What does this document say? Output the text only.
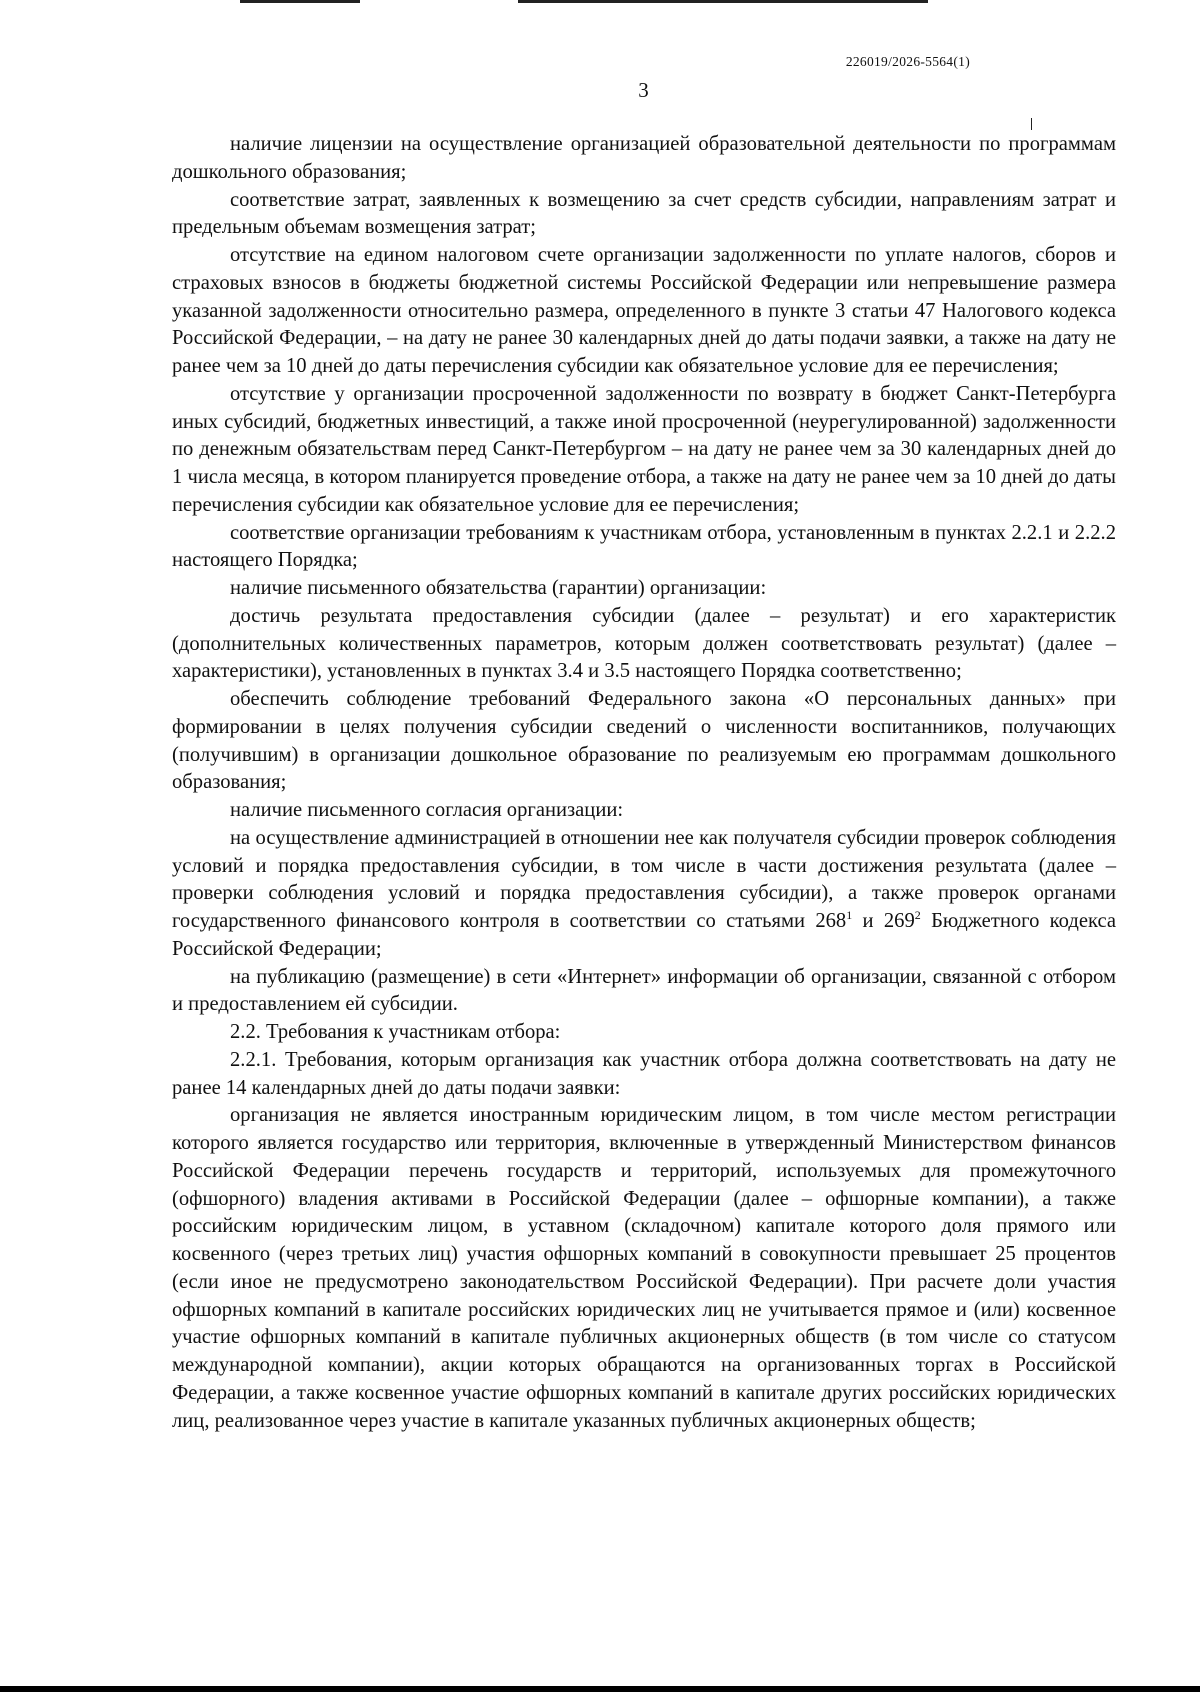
226019/2026-5564(1)
3

наличие лицензии на осуществление организацией образовательной деятельности по программам дошкольного образования;

соответствие затрат, заявленных к возмещению за счет средств субсидии, направлениям затрат и предельным объемам возмещения затрат;

отсутствие на едином налоговом счете организации задолженности по уплате налогов, сборов и страховых взносов в бюджеты бюджетной системы Российской Федерации или непревышение размера указанной задолженности относительно размера, определенного в пункте 3 статьи 47 Налогового кодекса Российской Федерации, – на дату не ранее 30 календарных дней до даты подачи заявки, а также на дату не ранее чем за 10 дней до даты перечисления субсидии как обязательное условие для ее перечисления;

отсутствие у организации просроченной задолженности по возврату в бюджет Санкт-Петербурга иных субсидий, бюджетных инвестиций, а также иной просроченной (неурегулированной) задолженности по денежным обязательствам перед Санкт-Петербургом – на дату не ранее чем за 30 календарных дней до 1 числа месяца, в котором планируется проведение отбора, а также на дату не ранее чем за 10 дней до даты перечисления субсидии как обязательное условие для ее перечисления;

соответствие организации требованиям к участникам отбора, установленным в пунктах 2.2.1 и 2.2.2 настоящего Порядка;

наличие письменного обязательства (гарантии) организации:

достичь результата предоставления субсидии (далее – результат) и его характеристик (дополнительных количественных параметров, которым должен соответствовать результат) (далее – характеристики), установленных в пунктах 3.4 и 3.5 настоящего Порядка соответственно;

обеспечить соблюдение требований Федерального закона «О персональных данных» при формировании в целях получения субсидии сведений о численности воспитанников, получающих (получившим) в организации дошкольное образование по реализуемым ею программам дошкольного образования;

наличие письменного согласия организации:

на осуществление администрацией в отношении нее как получателя субсидии проверок соблюдения условий и порядка предоставления субсидии, в том числе в части достижения результата (далее – проверки соблюдения условий и порядка предоставления субсидии), а также проверок органами государственного финансового контроля в соответствии со статьями $268^1$ и $269^2$ Бюджетного кодекса Российской Федерации;

на публикацию (размещение) в сети «Интернет» информации об организации, связанной с отбором и предоставлением ей субсидии.

2.2. Требования к участникам отбора:

2.2.1. Требования, которым организация как участник отбора должна соответствовать на дату не ранее 14 календарных дней до даты подачи заявки:

организация не является иностранным юридическим лицом, в том числе местом регистрации которого является государство или территория, включенные в утвержденный Министерством финансов Российской Федерации перечень государств и территорий, используемых для промежуточного (офшорного) владения активами в Российской Федерации (далее – офшорные компании), а также российским юридическим лицом, в уставном (складочном) капитале которого доля прямого или косвенного (через третьих лиц) участия офшорных компаний в совокупности превышает 25 процентов (если иное не предусмотрено законодательством Российской Федерации). При расчете доли участия офшорных компаний в капитале российских юридических лиц не учитывается прямое и (или) косвенное участие офшорных компаний в капитале публичных акционерных обществ (в том числе со статусом международной компании), акции которых обращаются на организованных торгах в Российской Федерации, а также косвенное участие офшорных компаний в капитале других российских юридических лиц, реализованное через участие в капитале указанных публичных акционерных обществ;
